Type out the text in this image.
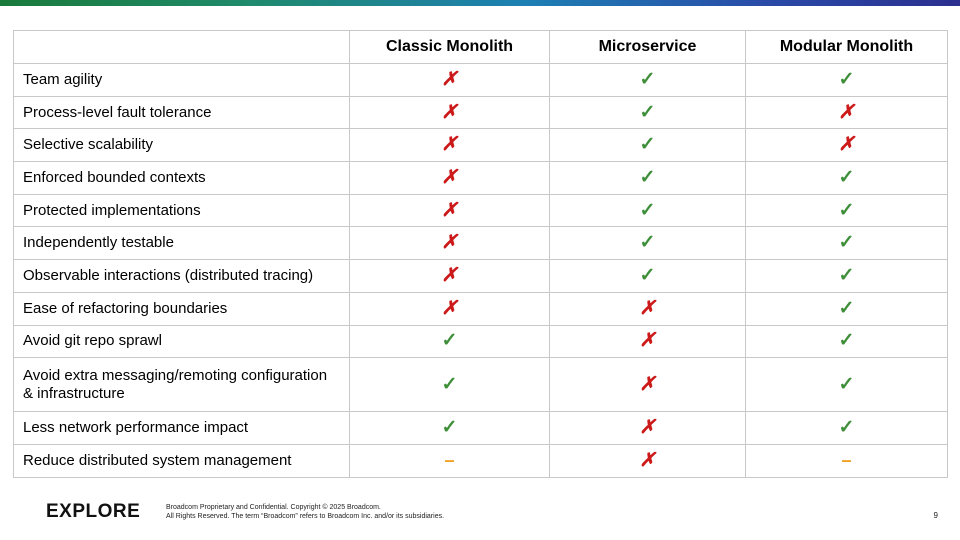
	Classic Monolith	Microservice	Modular Monolith
Team agility	✗	✓	✓
Process-level fault tolerance	✗	✓	✗
Selective scalability	✗	✓	✗
Enforced bounded contexts	✗	✓	✓
Protected implementations	✗	✓	✓
Independently testable	✗	✓	✓
Observable interactions (distributed tracing)	✗	✓	✓
Ease of refactoring boundaries	✗	✗	✓
Avoid git repo sprawl	✓	✗	✓
Avoid extra messaging/remoting configuration & infrastructure	✓	✗	✓
Less network performance impact	✓	✗	✓
Reduce distributed system management	–	✗	–
EXPLORE	Broadcom Proprietary and Confidential. Copyright © 2025 Broadcom.
All Rights Reserved. The term “Broadcom” refers to Broadcom Inc. and/or its subsidiaries.	9
